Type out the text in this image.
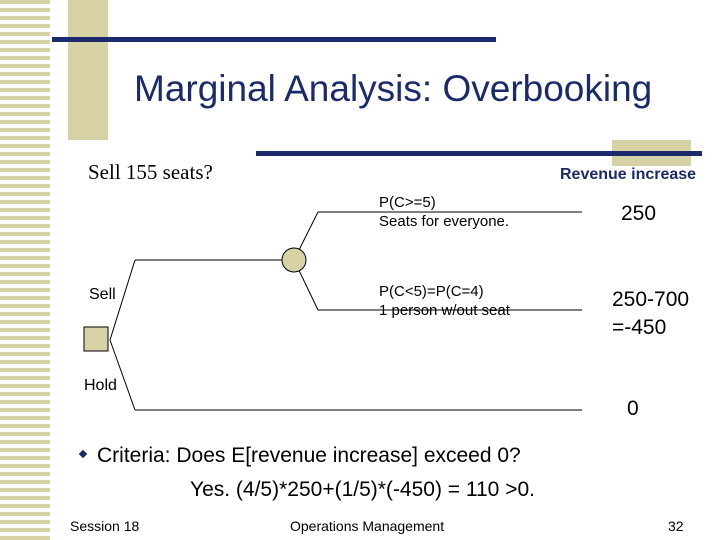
Marginal Analysis: Overbooking
Sell 155 seats?	Revenue increase
Sell
Hold
P(C>=5)
Seats for everyone.
P(C<5)=P(C=4)
1 person w/out seat
250
250-700
=-450
0
Criteria: Does E[revenue increase] exceed 0?
Yes. (4/5)*250+(1/5)*(-450) = 110 >0.
Session 18	Operations Management	32
